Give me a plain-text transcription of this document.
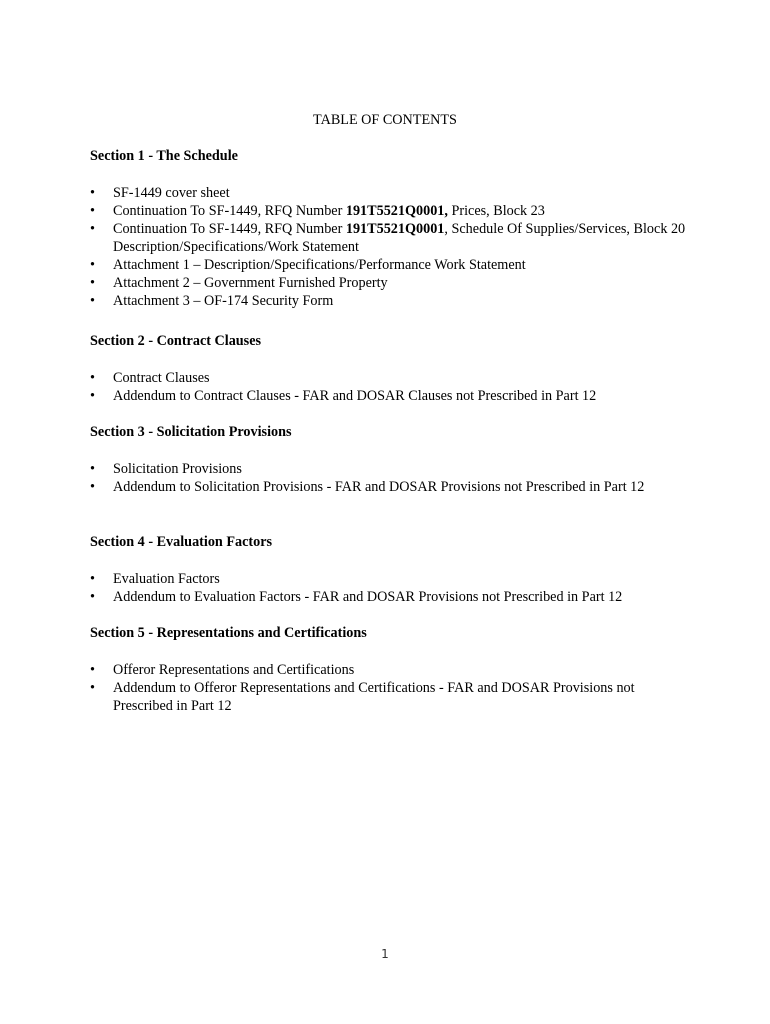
TABLE OF CONTENTS
Section 1 - The Schedule
•	SF-1449 cover sheet
•	Continuation To SF-1449, RFQ Number 191T5521Q0001, Prices, Block 23
•	Continuation To SF-1449, RFQ Number 191T5521Q0001, Schedule Of Supplies/Services, Block 20 Description/Specifications/Work Statement
•	Attachment 1 – Description/Specifications/Performance Work Statement
•	Attachment 2 – Government Furnished Property
•	Attachment 3 – OF-174 Security Form
Section 2 - Contract Clauses
•	Contract Clauses
•	Addendum to Contract Clauses - FAR and DOSAR Clauses not Prescribed in Part 12
Section 3 - Solicitation Provisions
•	Solicitation Provisions
•	Addendum to Solicitation Provisions - FAR and DOSAR Provisions not Prescribed in Part 12
Section 4 - Evaluation Factors
•	Evaluation Factors
•	Addendum to Evaluation Factors - FAR and DOSAR Provisions not Prescribed in Part 12
Section 5 - Representations and Certifications
•	Offeror Representations and Certifications
•	Addendum to Offeror Representations and Certifications - FAR and DOSAR Provisions not Prescribed in Part 12
1
